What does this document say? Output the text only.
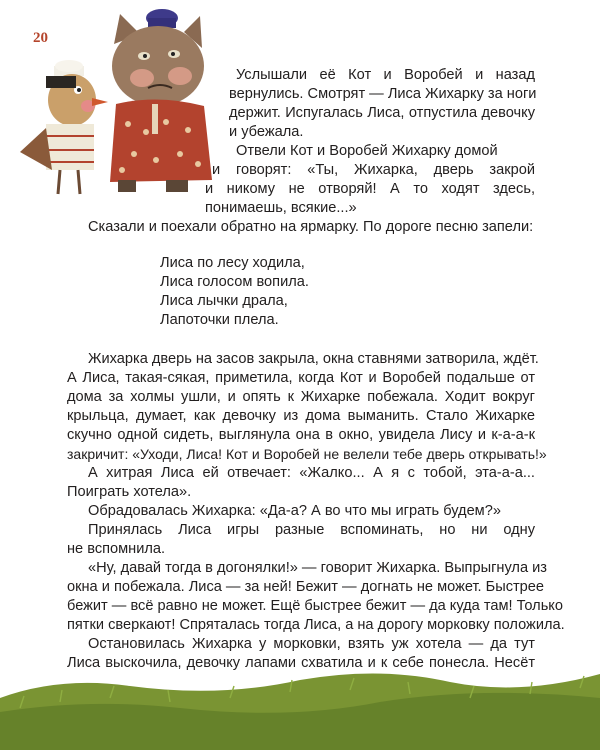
20
Услышали её Кот и Воробей и назад
вернулись. Смотрят — Лиса Жихарку за ноги
держит. Испугалась Лиса, отпустила девочку
и убежала.
Отвели Кот и Воробей Жихарку домой
и говорят: «Ты, Жихарка, дверь закрой
и никому не отворяй! А то ходят здесь,
понимаешь, всякие...»
Сказали и поехали обратно на ярмарку. По дороге песню запели:
Лиса по лесу ходила,
Лиса голосом вопила.
Лиса лычки драла,
Лапоточки плела.
Жихарка дверь на засов закрыла, окна ставнями затворила, ждёт.
А Лиса, такая-сякая, приметила, когда Кот и Воробей подальше от
дома за холмы ушли, и опять к Жихарке побежала. Ходит вокруг
крыльца, думает, как девочку из дома выманить. Стало Жихарке
скучно одной сидеть, выглянула она в окно, увидела Лису и к-а-а-к
закричит: «Уходи, Лиса! Кот и Воробей не велели тебе дверь открывать!»
А хитрая Лиса ей отвечает: «Жалко... А я с тобой, эта-а-а...
Поиграть хотела».
Обрадовалась Жихарка: «Да-а? А во что мы играть будем?»
Принялась Лиса игры разные вспоминать, но ни одну
не вспомнила.
«Ну, давай тогда в догонялки!» — говорит Жихарка. Выпрыгнула из
окна и побежала. Лиса — за ней! Бежит — догнать не может. Быстрее
бежит — всё равно не может. Ещё быстрее бежит — да куда там! Только
пятки сверкают! Спряталась тогда Лиса, а на дорогу морковку положила.
Остановилась Жихарка у морковки, взять уж хотела — да тут
Лиса выскочила, девочку лапами схватила и к себе понесла. Несёт
